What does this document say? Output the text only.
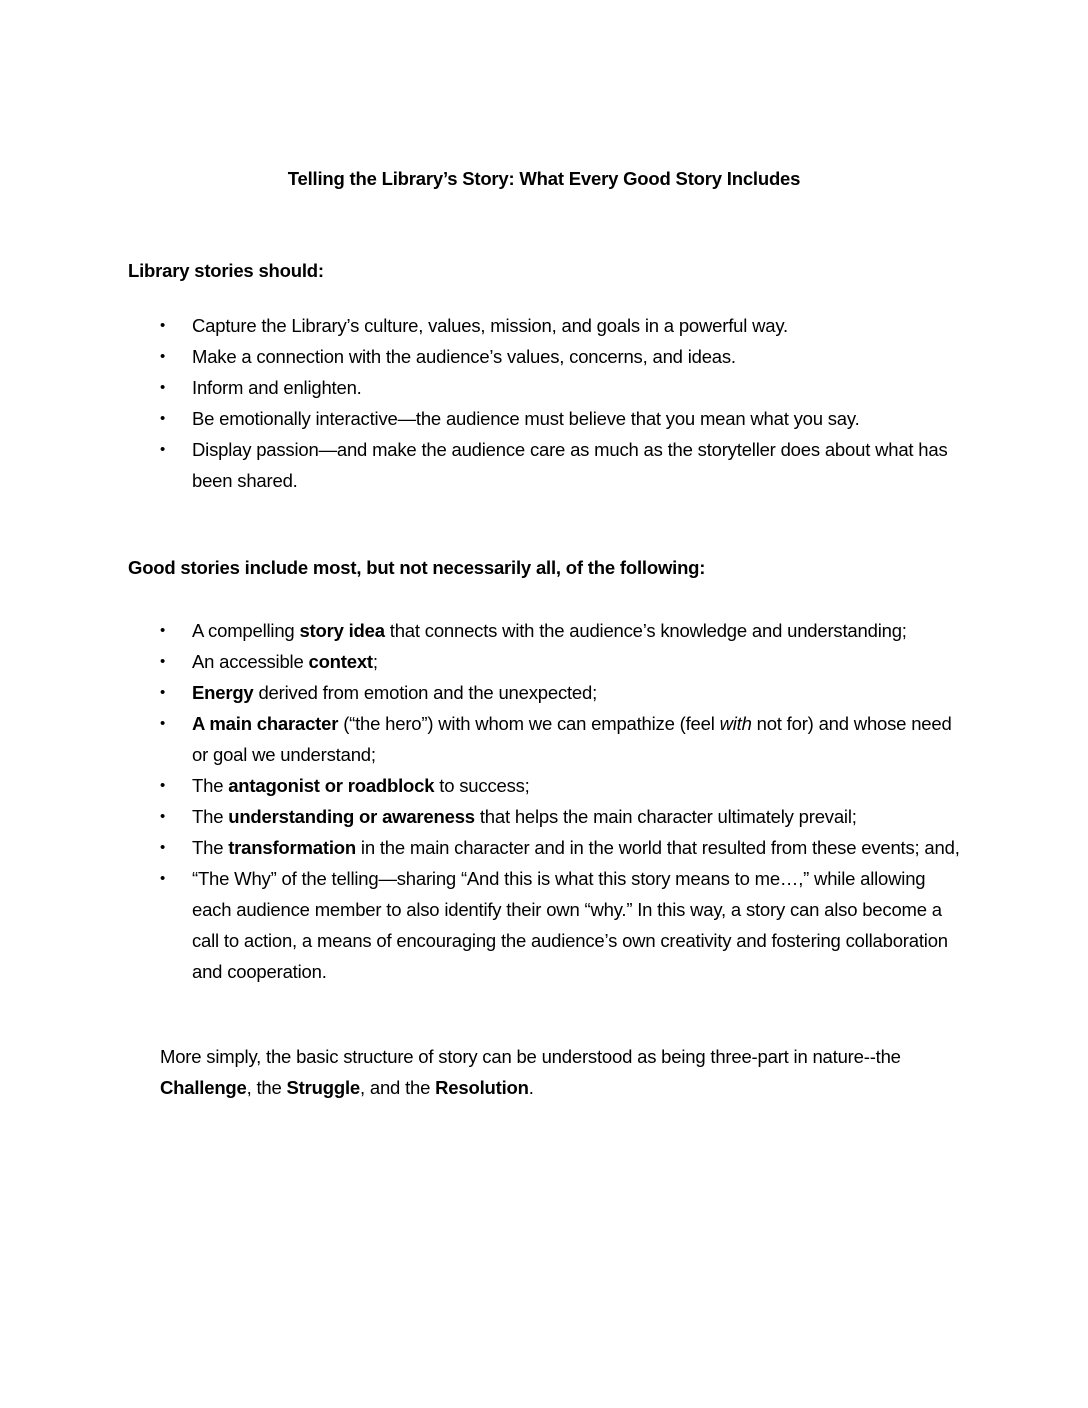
Telling the Library’s Story: What Every Good Story Includes
Library stories should:
• Capture the Library’s culture, values, mission, and goals in a powerful way.
• Make a connection with the audience’s values, concerns, and ideas.
• Inform and enlighten.
• Be emotionally interactive—the audience must believe that you mean what you say.
• Display passion—and make the audience care as much as the storyteller does about what has been shared.
Good stories include most, but not necessarily all, of the following:
• A compelling story idea that connects with the audience’s knowledge and understanding;
• An accessible context;
• Energy derived from emotion and the unexpected;
• A main character (“the hero”) with whom we can empathize (feel with not for) and whose need or goal we understand;
• The antagonist or roadblock to success;
• The understanding or awareness that helps the main character ultimately prevail;
• The transformation in the main character and in the world that resulted from these events; and,
• “The Why” of the telling—sharing “And this is what this story means to me…,” while allowing each audience member to also identify their own “why.” In this way, a story can also become a call to action, a means of encouraging the audience’s own creativity and fostering collaboration and cooperation.
More simply, the basic structure of story can be understood as being three-part in nature--​the Challenge, the Struggle, and the Resolution.
